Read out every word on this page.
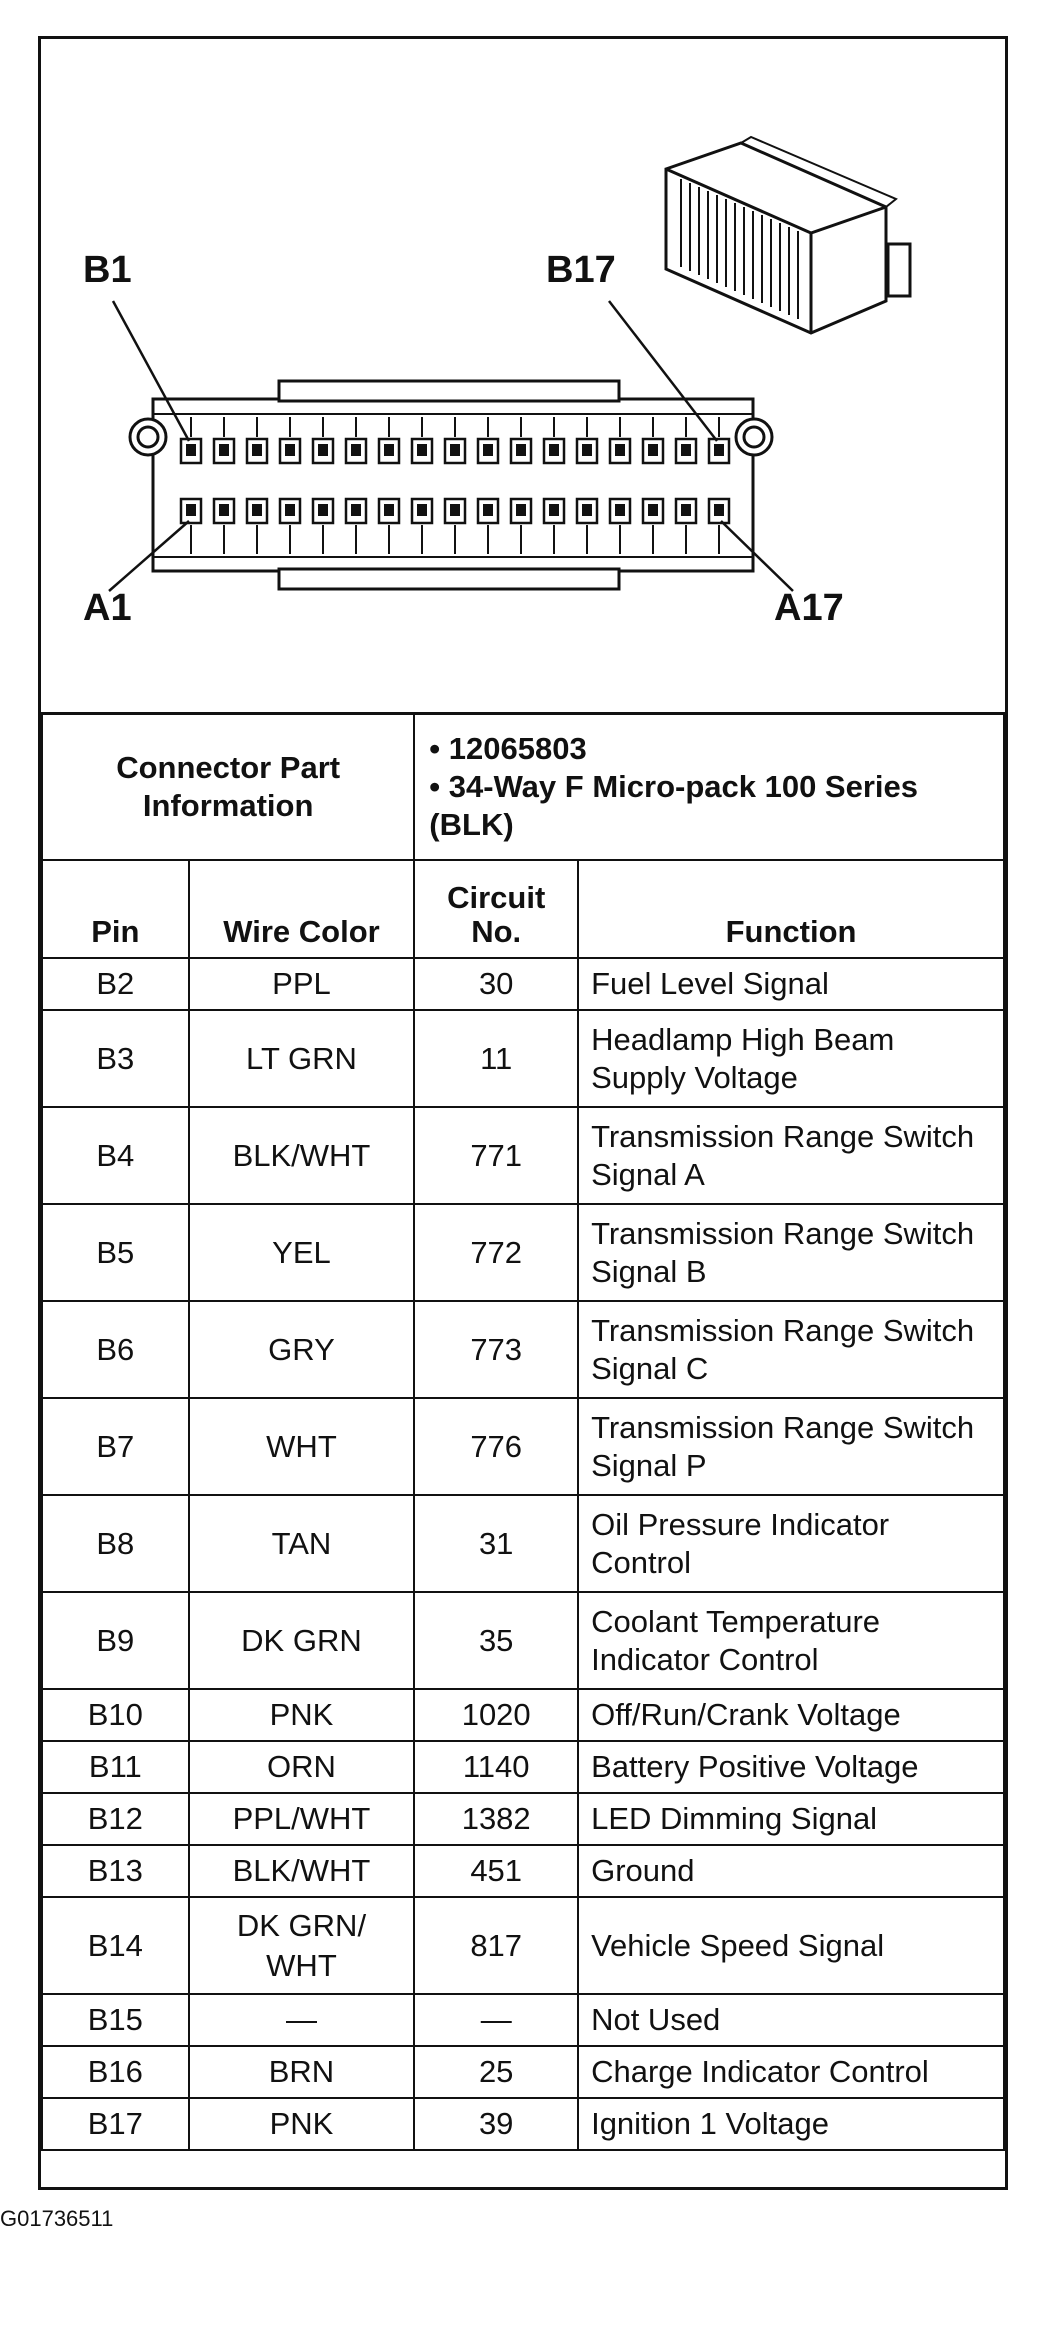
B1	B17
A1	A17
Connector Part Information		• 12065803
• 34-Way F Micro-pack 100 Series (BLK)	

Pin	Wire Color	Circuit No.	Function
B2	PPL	30	Fuel Level Signal
B3	LT GRN	11	Headlamp High Beam Supply Voltage
B4	BLK/WHT	771	Transmission Range Switch Signal A
B5	YEL	772	Transmission Range Switch Signal B
B6	GRY	773	Transmission Range Switch Signal C
B7	WHT	776	Transmission Range Switch Signal P
B8	TAN	31	Oil Pressure Indicator Control
B9	DK GRN	35	Coolant Temperature Indicator Control
B10	PNK	1020	Off/Run/Crank Voltage
B11	ORN	1140	Battery Positive Voltage
B12	PPL/WHT	1382	LED Dimming Signal
B13	BLK/WHT	451	Ground
B14	DK GRN/ WHT	817	Vehicle Speed Signal
B15	—	—	Not Used
B16	BRN	25	Charge Indicator Control
B17	PNK	39	Ignition 1 Voltage
G01736511
